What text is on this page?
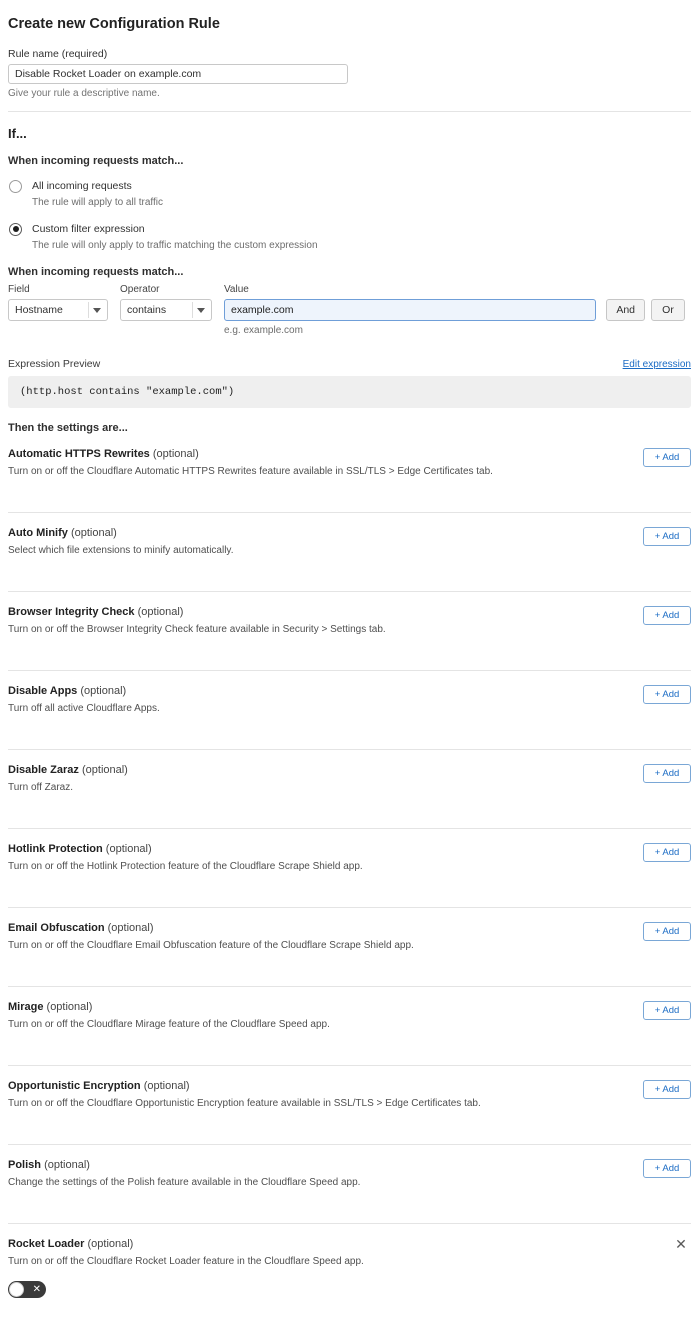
Create new Configuration Rule
Rule name (required)
Disable Rocket Loader on example.com
Give your rule a descriptive name.
If...
When incoming requests match...
All incoming requests
The rule will apply to all traffic
Custom filter expression
The rule will only apply to traffic matching the custom expression
When incoming requests match...
Field
Hostname
Operator
contains
Value
example.com
e.g. example.com
And	Or
Expression Preview	Edit expression
(http.host contains "example.com")
Then the settings are...
Automatic HTTPS Rewrites (optional)
Turn on or off the Cloudflare Automatic HTTPS Rewrites feature available in SSL/TLS > Edge Certificates tab.
+ Add
Auto Minify (optional)
Select which file extensions to minify automatically.
+ Add
Browser Integrity Check (optional)
Turn on or off the Browser Integrity Check feature available in Security > Settings tab.
+ Add
Disable Apps (optional)
Turn off all active Cloudflare Apps.
+ Add
Disable Zaraz (optional)
Turn off Zaraz.
+ Add
Hotlink Protection (optional)
Turn on or off the Hotlink Protection feature of the Cloudflare Scrape Shield app.
+ Add
Email Obfuscation (optional)
Turn on or off the Cloudflare Email Obfuscation feature of the Cloudflare Scrape Shield app.
+ Add
Mirage (optional)
Turn on or off the Cloudflare Mirage feature of the Cloudflare Speed app.
+ Add
Opportunistic Encryption (optional)
Turn on or off the Cloudflare Opportunistic Encryption feature available in SSL/TLS > Edge Certificates tab.
+ Add
Polish (optional)
Change the settings of the Polish feature available in the Cloudflare Speed app.
+ Add
Rocket Loader (optional)
Turn on or off the Cloudflare Rocket Loader feature in the Cloudflare Speed app.
✕
✕
